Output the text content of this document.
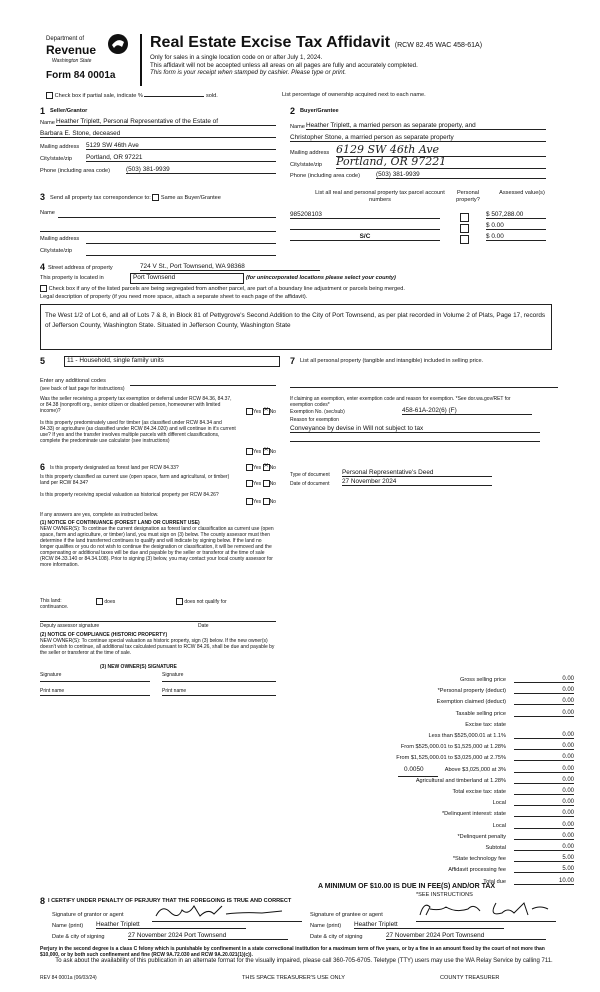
Department of
Revenue
Washington State
Form 84 0001a
Real Estate Excise Tax Affidavit (RCW 82.45 WAC 458-61A)
Only for sales in a single location code on or after July 1, 2024.
This affidavit will not be accepted unless all areas on all pages are fully and accurately completed.
This form is your receipt when stamped by cashier. Please type or print.
Check box if partial sale, indicate %	sold.	List percentage of ownership acquired next to each name.
1 Seller/Grantor
Name Heather Triplett, Personal Representative of the Estate of
Barbara E. Stone, deceased
Mailing address 5129 SW 46th Ave
City/state/zip Portland, OR 97221
Phone (including area code)	(503) 381-9939
2 Buyer/Grantee
Name Heather Triplett, a married person as separate property, and
Christopher Stone, a married person as separate property
Mailing address 6129 SW 46th Ave
City/state/zip Portland, OR 97221
Phone (including area code)	(503) 381-9939
3 Send all property tax correspondence to: Same as Buyer/Grantee
Name
Mailing address
City/state/zip
List all real and personal property tax parcel account numbers
Personal property?
Assessed value(s)
985208103	$ 507,288.00
$ 0.00
S/C	$ 0.00
4 Street address of property	724 V St., Port Townsend, WA 98368
This property is located in	Port Townsend	(for unincorporated locations please select your county)
Check box if any of the listed parcels are being segregated from another parcel, are part of a boundary line adjustment or parcels being merged.
Legal description of property (if you need more space, attach a separate sheet to each page of the affidavit).
The West 1/2 of Lot 6, and all of Lots 7 & 8, in Block 81 of Pettygrove's Second Addition to the City of Port Townsend, as per plat recorded in Volume 2 of Plats, Page 17, records of Jefferson County, Washington State. Situated in Jefferson County, Washington State
5	11 - Household, single family units
Enter any additional codes
(see back of last page for instructions)
Was the seller receiving a property tax exemption or deferral under RCW 84.36, 84.37, or 84.38 (nonprofit org., senior citizen or disabled person, homeowner with limited income)?	Yes ✕ No
Is this property predominately used for timber (as classified under RCW 84.34 and 84.33) or agriculture (as classified under RCW 84.34.020) and will continue in it's current use? If yes and the transfer involves multiple parcels with different classifications, complete the predominate use calculator (see instructions)
Yes ✕ No
6 Is this property designated as forest land per RCW 84.33?	Yes ✕ No
Is this property classified as current use (open space, farm and agricultural, or timber) land per RCW 84.34?	Yes No
Is this property receiving special valuation as historical property per RCW 84.26?
Yes No
If any answers are yes, complete as instructed below.
(1) NOTICE OF CONTINUANCE (FOREST LAND OR CURRENT USE)
NEW OWNER(S): To continue the current designation as forest land or classification as current use (open space, farm and agriculture, or timber) land, you must sign on (3) below. The county assessor must then determine if the land transferred continues to qualify and will indicate by signing below. If the land no longer qualifies or you do not wish to continue the designation or classification, it will be removed and the compensating or additional taxes will be due and payable by the seller or transferor at the time of sale (RCW 84.33.140 or 84.34.108). Prior to signing (3) below, you may contact your local county assessor for more information.
This land:
continuance.
does	does not qualify for
Deputy assessor signature	Date
(2) NOTICE OF COMPLIANCE (HISTORIC PROPERTY)
NEW OWNER(S): To continue special valuation as historic property, sign (3) below. If the new owner(s) doesn't wish to continue, all additional tax calculated pursuant to RCW 84.26, shall be due and payable by the seller or transferor at the time of sale.
(3) NEW OWNER(S) SIGNATURE
Signature	Signature
Print name	Print name
7 List all personal property (tangible and intangible) included in selling price.
If claiming an exemption, enter exemption code and reason for exemption. *See dor.wa.gov/RET for exemption codes*
Exemption No. (sec/sub)	458-61A-202(6) (F)
Reason for exemption
Conveyance by devise in Will not subject to tax
Type of document Personal Representative's Deed
Date of document 27 November 2024
Gross selling price	0.00
*Personal property (deduct)	0.00
Exemption claimed (deduct)	0.00
Taxable selling price	0.00
Excise tax: state
Less than $525,000.01 at 1.1%	0.00
From $525,000.01 to $1,525,000 at 1.28%	0.00
From $1,525,000.01 to $3,025,000 at 2.75%	0.00
Above $3,025,000 at 3%	0.00
Agricultural and timberland at 1.28%	0.00
Total excise tax: state	0.00
Local	0.00
*Delinquent interest: state	0.00
Local	0.00
*Delinquent penalty	0.00
Subtotal	0.00
*State technology fee	5.00
Affidavit processing fee	5.00
Total due	10.00
0.0050
A MINIMUM OF $10.00 IS DUE IN FEE(S) AND/OR TAX
*SEE INSTRUCTIONS
8 I CERTIFY UNDER PENALTY OF PERJURY THAT THE FOREGOING IS TRUE AND CORRECT
Signature of grantor or agent
Name (print) Heather Triplett
Date & city of signing	27 November 2024 Port Townsend
Signature of grantee or agent
Name (print) Heather Triplett
Date & city of signing	27 November 2024 Port Townsend
Perjury in the second degree is a class C felony which is punishable by confinement in a state correctional institution for a maximum term of five years, or by a fine in an amount fixed by the court of not more than $10,000, or by both such confinement and fine (RCW 9A.72.030 and RCW 9A.20.021(1)(c)).
To ask about the availability of this publication in an alternate format for the visually impaired, please call 360-705-6705. Teletype (TTY) users may use the WA Relay Service by calling 711.
REV 84 0001a (06/03/24)	THIS SPACE TREASURER'S USE ONLY	COUNTY TREASURER
